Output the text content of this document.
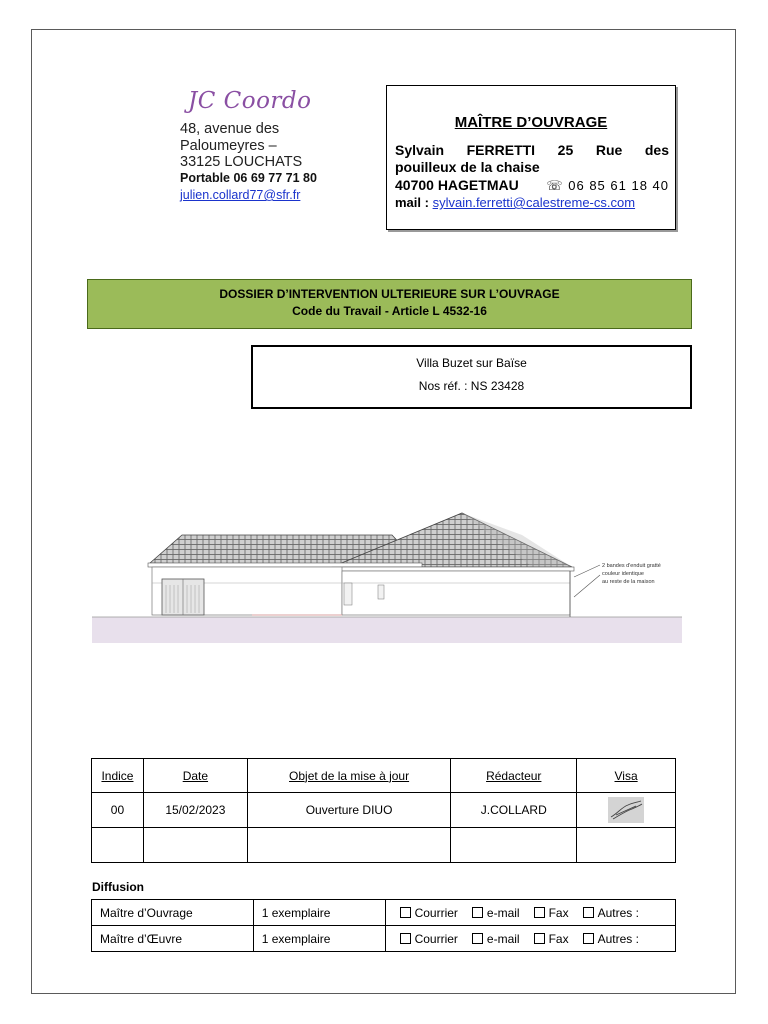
JC Coordo
48, avenue des
Paloumeyres –
33125 LOUCHATS
Portable 06 69 77 71 80
julien.collard77@sfr.fr
MAÎTRE D’OUVRAGE
Sylvain FERRETTI 25 Rue des
pouilleux de la chaise
☏ 06 85 61 18 40
40700 HAGETMAU
mail : sylvain.ferretti@calestreme-cs.com
DOSSIER D’INTERVENTION ULTERIEURE SUR L’OUVRAGE
Code du Travail - Article L 4532-16
Villa Buzet sur Baïse
Nos réf. : NS 23428
2 bandes d'enduit gratté
couleur identique
au reste de la maison
Indice	Date	Objet de la mise à jour	Rédacteur	Visa
00	15/02/2023	Ouverture DIUO	J.COLLARD	

Diffusion
Maître d’Ouvrage	1 exemplaire	Courrier e-mail Fax Autres :
Maître d’Œuvre	1 exemplaire	Courrier e-mail Fax Autres :
